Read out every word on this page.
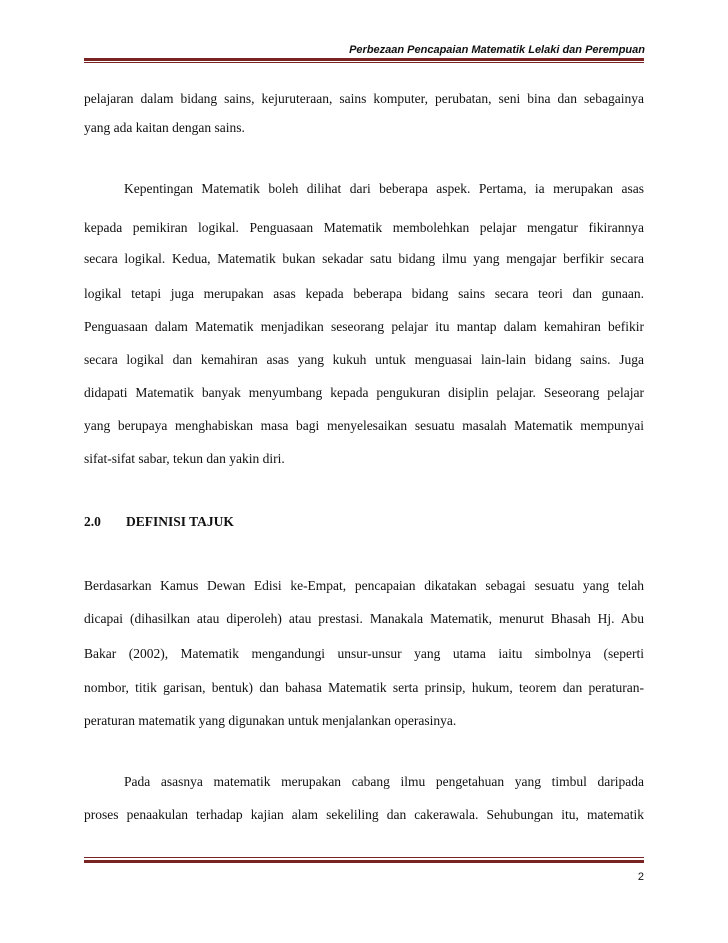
Perbezaan Pencapaian Matematik Lelaki dan Perempuan
pelajaran dalam bidang sains, kejuruteraan, sains komputer, perubatan, seni bina dan sebagainya
yang ada kaitan dengan sains.
Kepentingan Matematik boleh dilihat dari beberapa aspek. Pertama, ia merupakan asas
kepada pemikiran logikal. Penguasaan Matematik membolehkan pelajar mengatur fikirannya
secara logikal. Kedua, Matematik bukan sekadar satu bidang ilmu yang mengajar berfikir secara
logikal tetapi juga merupakan asas kepada beberapa bidang sains secara teori dan gunaan.
Penguasaan dalam Matematik menjadikan seseorang pelajar itu mantap dalam kemahiran befikir
secara logikal dan kemahiran asas yang kukuh untuk menguasai lain-lain bidang sains. Juga
didapati Matematik banyak menyumbang kepada pengukuran disiplin pelajar. Seseorang pelajar
yang berupaya menghabiskan masa bagi menyelesaikan sesuatu masalah Matematik mempunyai
sifat-sifat sabar, tekun dan yakin diri.
2.0 DEFINISI TAJUK
Berdasarkan Kamus Dewan Edisi ke-Empat, pencapaian dikatakan sebagai sesuatu yang telah
dicapai (dihasilkan atau diperoleh) atau prestasi. Manakala Matematik, menurut Bhasah Hj. Abu
Bakar (2002), Matematik mengandungi unsur-unsur yang utama iaitu simbolnya (seperti
nombor, titik garisan, bentuk) dan bahasa Matematik serta prinsip, hukum, teorem dan peraturan-
peraturan matematik yang digunakan untuk menjalankan operasinya.
Pada asasnya matematik merupakan cabang ilmu pengetahuan yang timbul daripada
proses penaakulan terhadap kajian alam sekeliling dan cakerawala. Sehubungan itu, matematik
2
